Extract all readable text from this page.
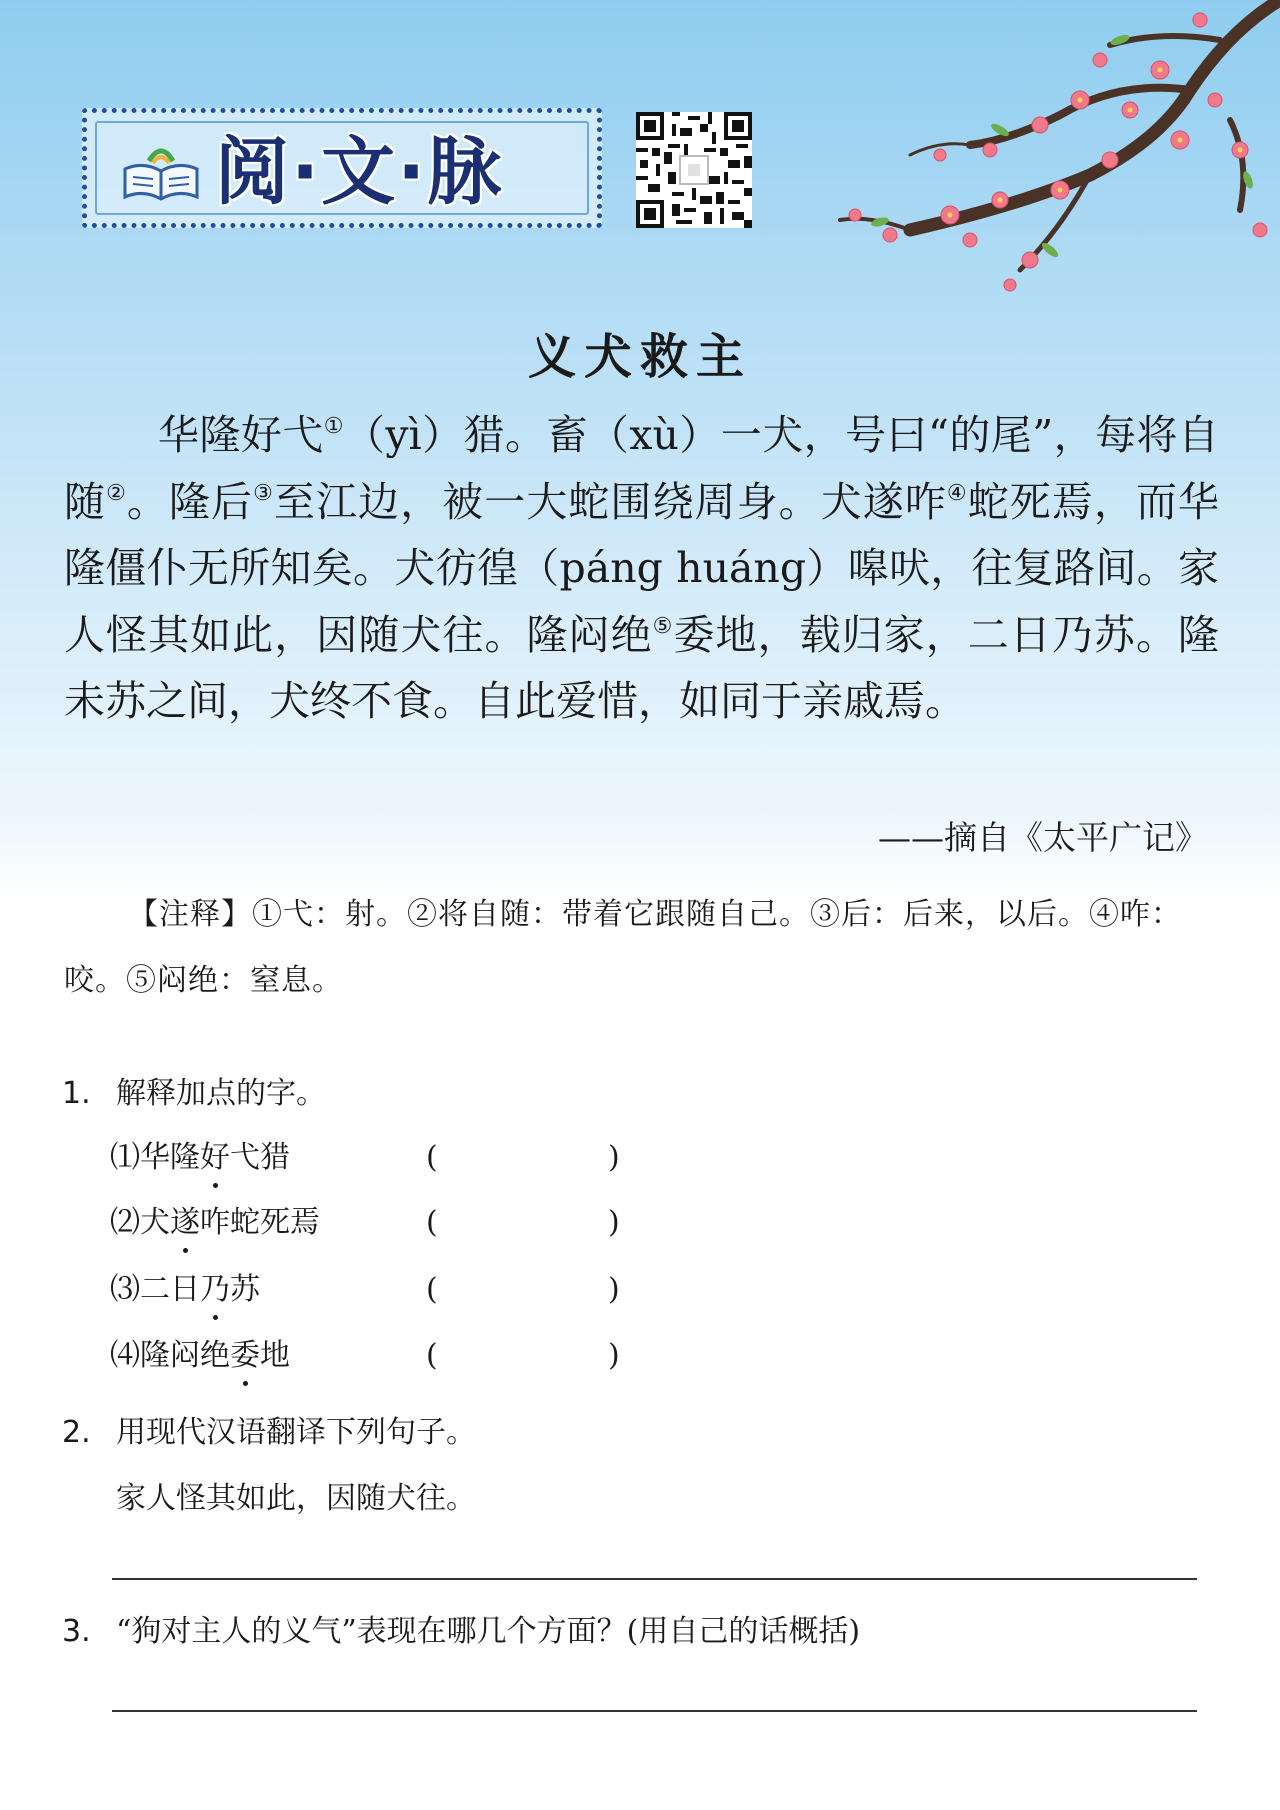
阅·文·脉
义犬救主
华隆好弋①（yì）猎。畜（xù）一犬，号曰“的尾”，每将自随②。隆后③至江边，被一大蛇围绕周身。犬遂咋④蛇死焉，而华隆僵仆无所知矣。犬彷徨（páng huáng）嗥吠，往复路间。家人怪其如此，因随犬往。隆闷绝⑤委地，载归家，二日乃苏。隆未苏之间，犬终不食。自此爱惜，如同于亲戚焉。
——摘自《太平广记》
【注释】①弋：射。②将自随：带着它跟随自己。③后：后来，以后。④咋：咬。⑤闷绝：窒息。
1. 解释加点的字。
⑴华隆好弋猎	(	)
⑵犬遂咋蛇死焉	(	)
⑶二日乃苏	(	)
⑷隆闷绝委地	(	)
2. 用现代汉语翻译下列句子。
家人怪其如此，因随犬往。
3. “狗对主人的义气”表现在哪几个方面？(用自己的话概括)
